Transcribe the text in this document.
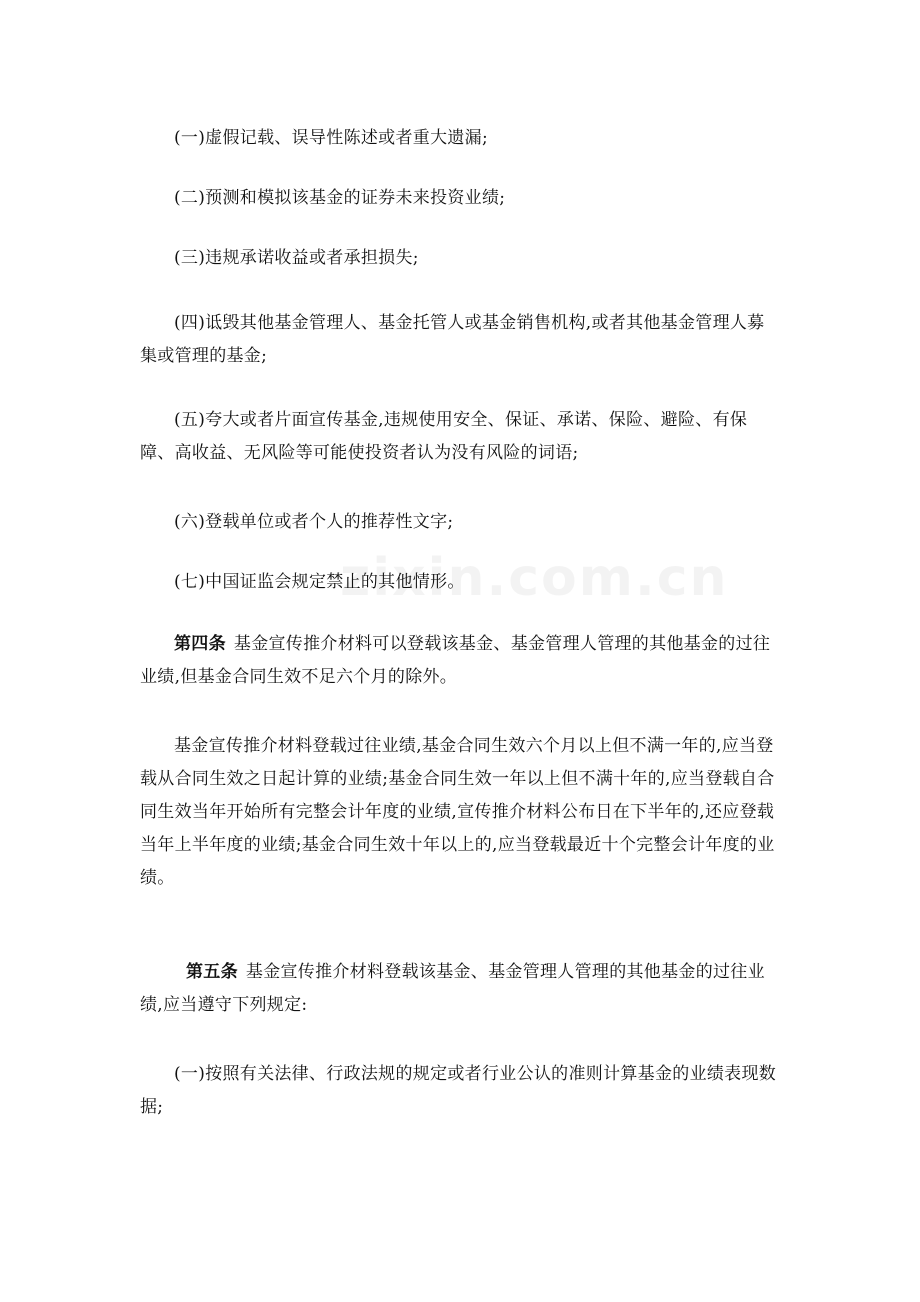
(一)虚假记载、误导性陈述或者重大遗漏;

(二)预测和模拟该基金的证券未来投资业绩;

(三)违规承诺收益或者承担损失;

(四)诋毁其他基金管理人、基金托管人或基金销售机构,或者其他基金管理人募集或管理的基金;

(五)夸大或者片面宣传基金,违规使用安全、保证、承诺、保险、避险、有保障、高收益、无风险等可能使投资者认为没有风险的词语;

(六)登载单位或者个人的推荐性文字;

(七)中国证监会规定禁止的其他情形。

第四条 基金宣传推介材料可以登载该基金、基金管理人管理的其他基金的过往业绩,但基金合同生效不足六个月的除外。

基金宣传推介材料登载过往业绩,基金合同生效六个月以上但不满一年的,应当登载从合同生效之日起计算的业绩;基金合同生效一年以上但不满十年的,应当登载自合同生效当年开始所有完整会计年度的业绩,宣传推介材料公布日在下半年的,还应登载当年上半年度的业绩;基金合同生效十年以上的,应当登载最近十个完整会计年度的业绩。

第五条 基金宣传推介材料登载该基金、基金管理人管理的其他基金的过往业绩,应当遵守下列规定:

(一)按照有关法律、行政法规的规定或者行业公认的准则计算基金的业绩表现数据;
